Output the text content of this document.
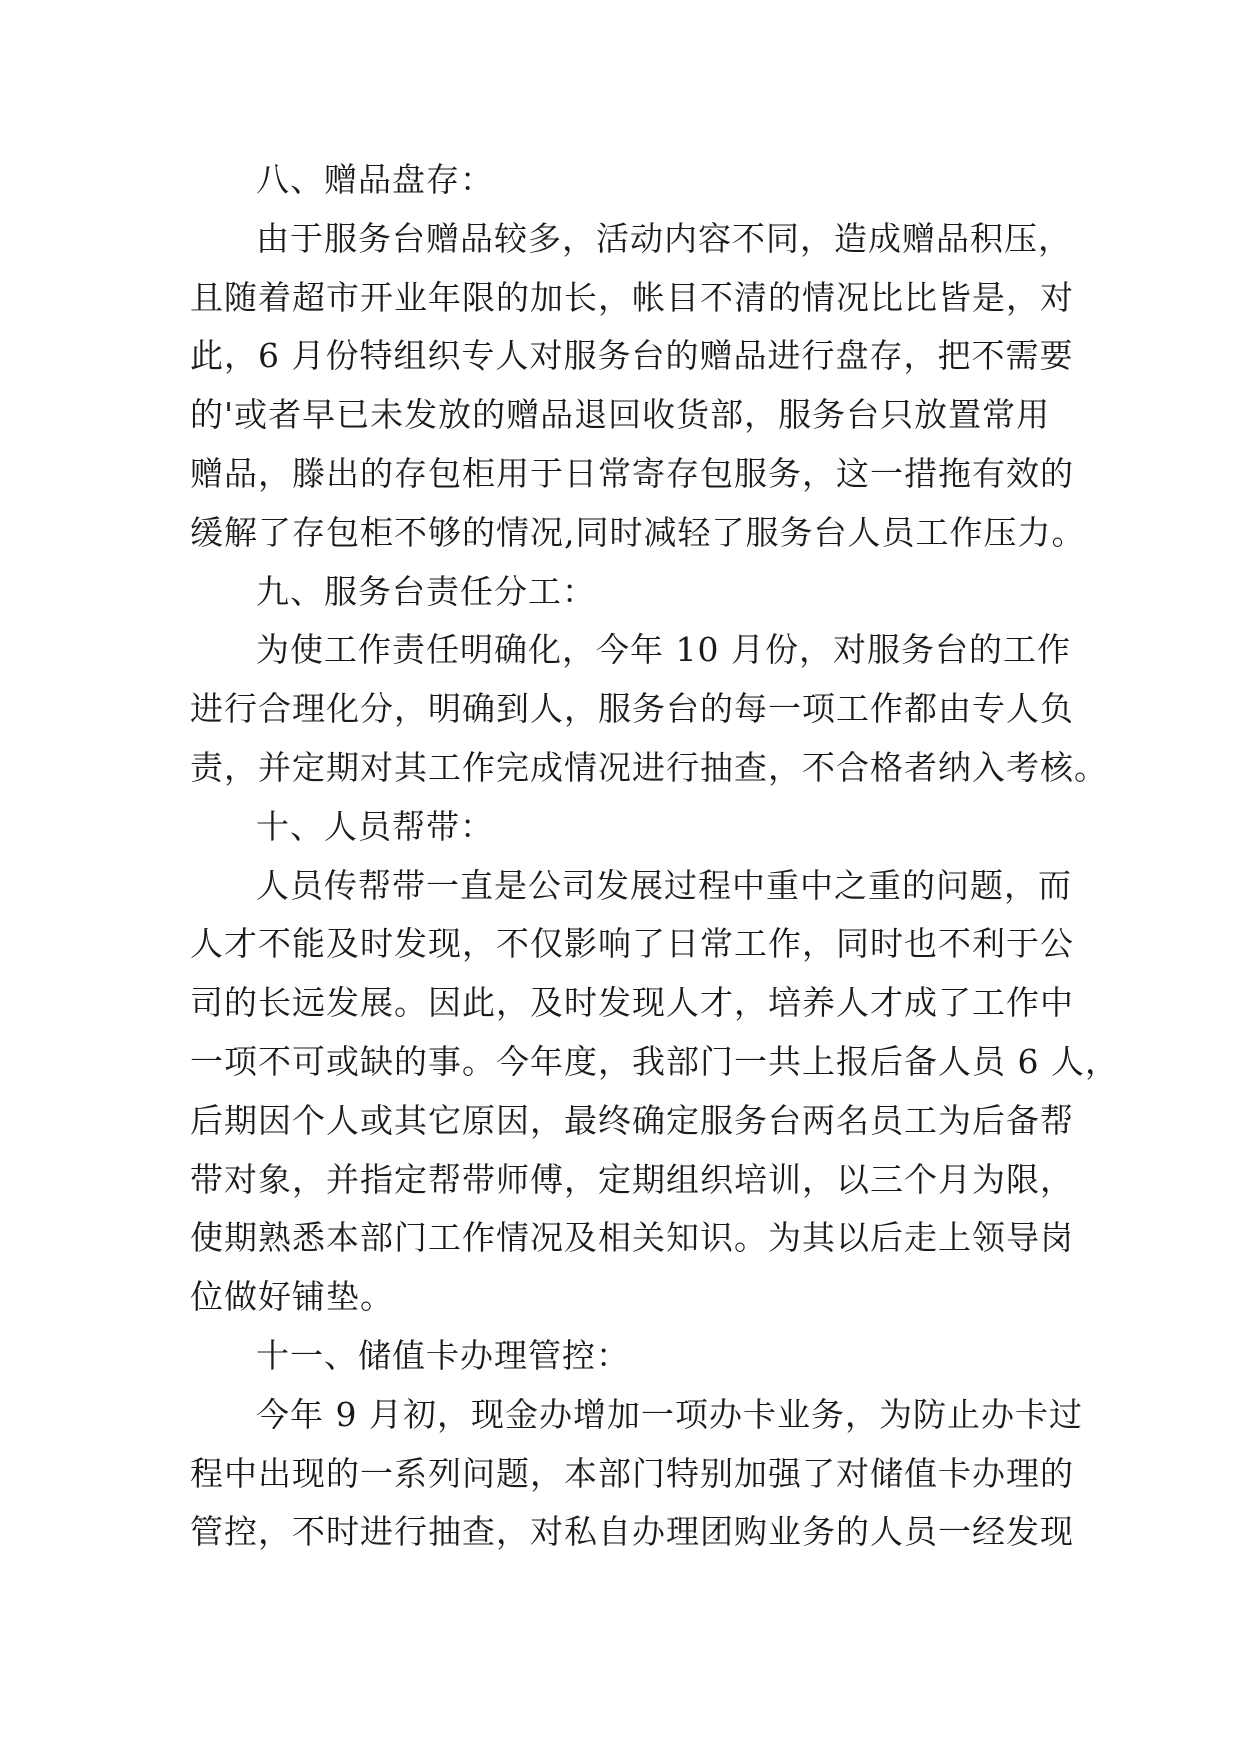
八、赠品盘存：
由于服务台赠品较多，活动内容不同，造成赠品积压，
且随着超市开业年限的加长，帐目不清的情况比比皆是，对
此，6 月份特组织专人对服务台的赠品进行盘存，把不需要
的'或者早已未发放的赠品退回收货部，服务台只放置常用
赠品，滕出的存包柜用于日常寄存包服务，这一措拖有效的
缓解了存包柜不够的情况,同时减轻了服务台人员工作压力。
九、服务台责任分工：
为使工作责任明确化，今年 10 月份，对服务台的工作
进行合理化分，明确到人，服务台的每一项工作都由专人负
责，并定期对其工作完成情况进行抽查，不合格者纳入考核。
十、人员帮带：
人员传帮带一直是公司发展过程中重中之重的问题，而
人才不能及时发现，不仅影响了日常工作，同时也不利于公
司的长远发展。因此，及时发现人才，培养人才成了工作中
一项不可或缺的事。今年度，我部门一共上报后备人员 6 人，
后期因个人或其它原因，最终确定服务台两名员工为后备帮
带对象，并指定帮带师傅，定期组织培训，以三个月为限，
使期熟悉本部门工作情况及相关知识。为其以后走上领导岗
位做好铺垫。
十一、储值卡办理管控：
今年 9 月初，现金办增加一项办卡业务，为防止办卡过
程中出现的一系列问题，本部门特别加强了对储值卡办理的
管控，不时进行抽查，对私自办理团购业务的人员一经发现
